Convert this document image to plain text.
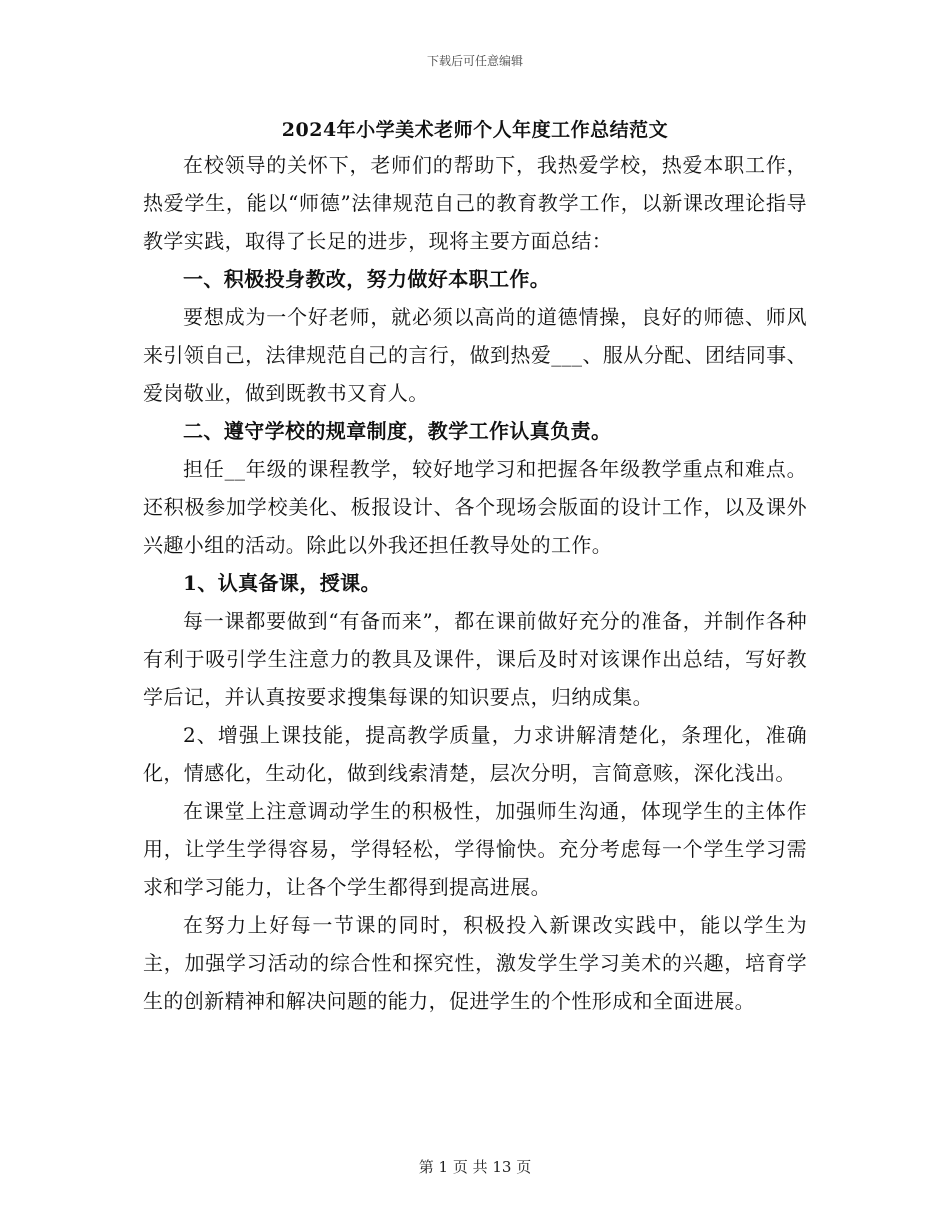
下载后可任意编辑
2024年小学美术老师个人年度工作总结范文

在校领导的关怀下，老师们的帮助下，我热爱学校，热爱本职工作，热爱学生，能以“师德”法律规范自己的教育教学工作，以新课改理论指导教学实践，取得了长足的进步，现将主要方面总结：

一、积极投身教改，努力做好本职工作。

要想成为一个好老师，就必须以高尚的道德情操，良好的师德、师风来引领自己，法律规范自己的言行，做到热爱___、服从分配、团结同事、爱岗敬业，做到既教书又育人。

二、遵守学校的规章制度，教学工作认真负责。

担任__年级的课程教学，较好地学习和把握各年级教学重点和难点。还积极参加学校美化、板报设计、各个现场会版面的设计工作，以及课外兴趣小组的活动。除此以外我还担任教导处的工作。

1、认真备课，授课。

每一课都要做到“有备而来”，都在课前做好充分的准备，并制作各种有利于吸引学生注意力的教具及课件，课后及时对该课作出总结，写好教学后记，并认真按要求搜集每课的知识要点，归纳成集。

2、增强上课技能，提高教学质量，力求讲解清楚化，条理化，准确化，情感化，生动化，做到线索清楚，层次分明，言简意赅，深化浅出。

在课堂上注意调动学生的积极性，加强师生沟通，体现学生的主体作用，让学生学得容易，学得轻松，学得愉快。充分考虑每一个学生学习需求和学习能力，让各个学生都得到提高进展。

在努力上好每一节课的同时，积极投入新课改实践中，能以学生为主，加强学习活动的综合性和探究性，激发学生学习美术的兴趣，培育学生的创新精神和解决问题的能力，促进学生的个性形成和全面进展。

第 1 页 共 13 页
